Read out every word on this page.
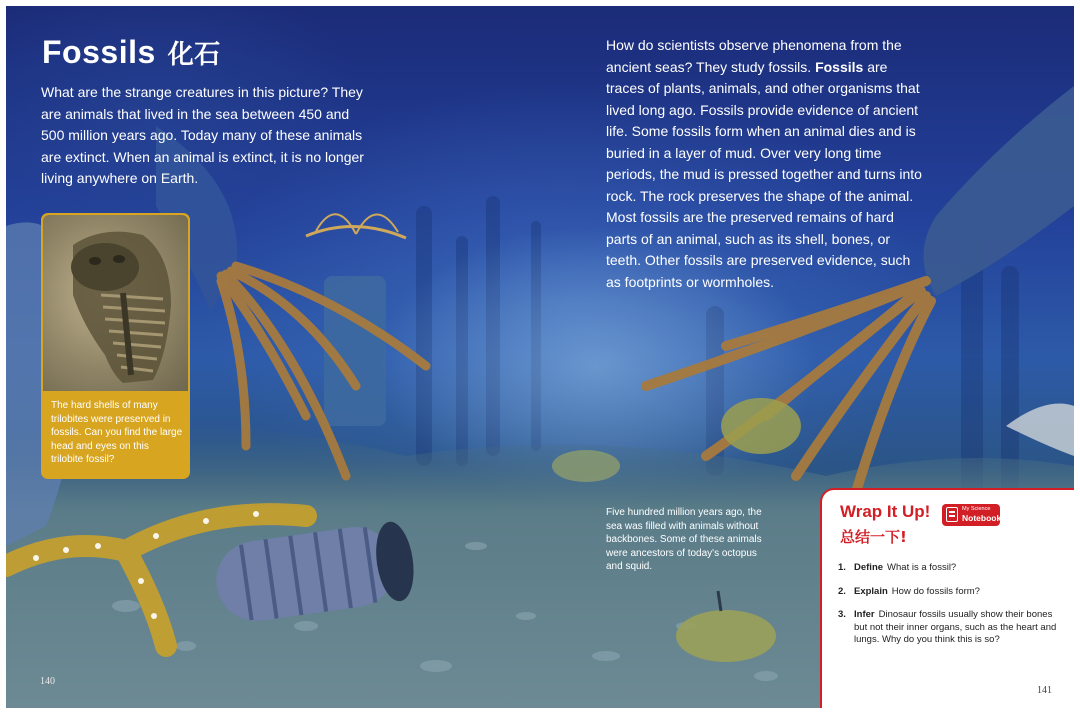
Fossils 化石

What are the strange creatures in this picture? They are animals that lived in the sea between 450 and 500 million years ago. Today many of these animals are extinct. When an animal is extinct, it is no longer living anywhere on Earth.

The hard shells of many trilobites were preserved in fossils. Can you find the large head and eyes on this trilobite fossil?

How do scientists observe phenomena from the ancient seas? They study fossils. Fossils are traces of plants, animals, and other organisms that lived long ago. Fossils provide evidence of ancient life. Some fossils form when an animal dies and is buried in a layer of mud. Over very long time periods, the mud is pressed together and turns into rock. The rock preserves the shape of the animal. Most fossils are the preserved remains of hard parts of an animal, such as its shell, bones, or teeth. Other fossils are preserved evidence, such as footprints or wormholes.

Five hundred million years ago, the sea was filled with animals without backbones. Some of these animals were ancestors of today's octopus and squid.

140
Wrap It Up!	My Science
Notebook
总结一下!
1. Define What is a fossil?
2. Explain How do fossils form?
3. Infer Dinosaur fossils usually show their bones but not their inner organs, such as the heart and lungs. Why do you think this is so?
141
